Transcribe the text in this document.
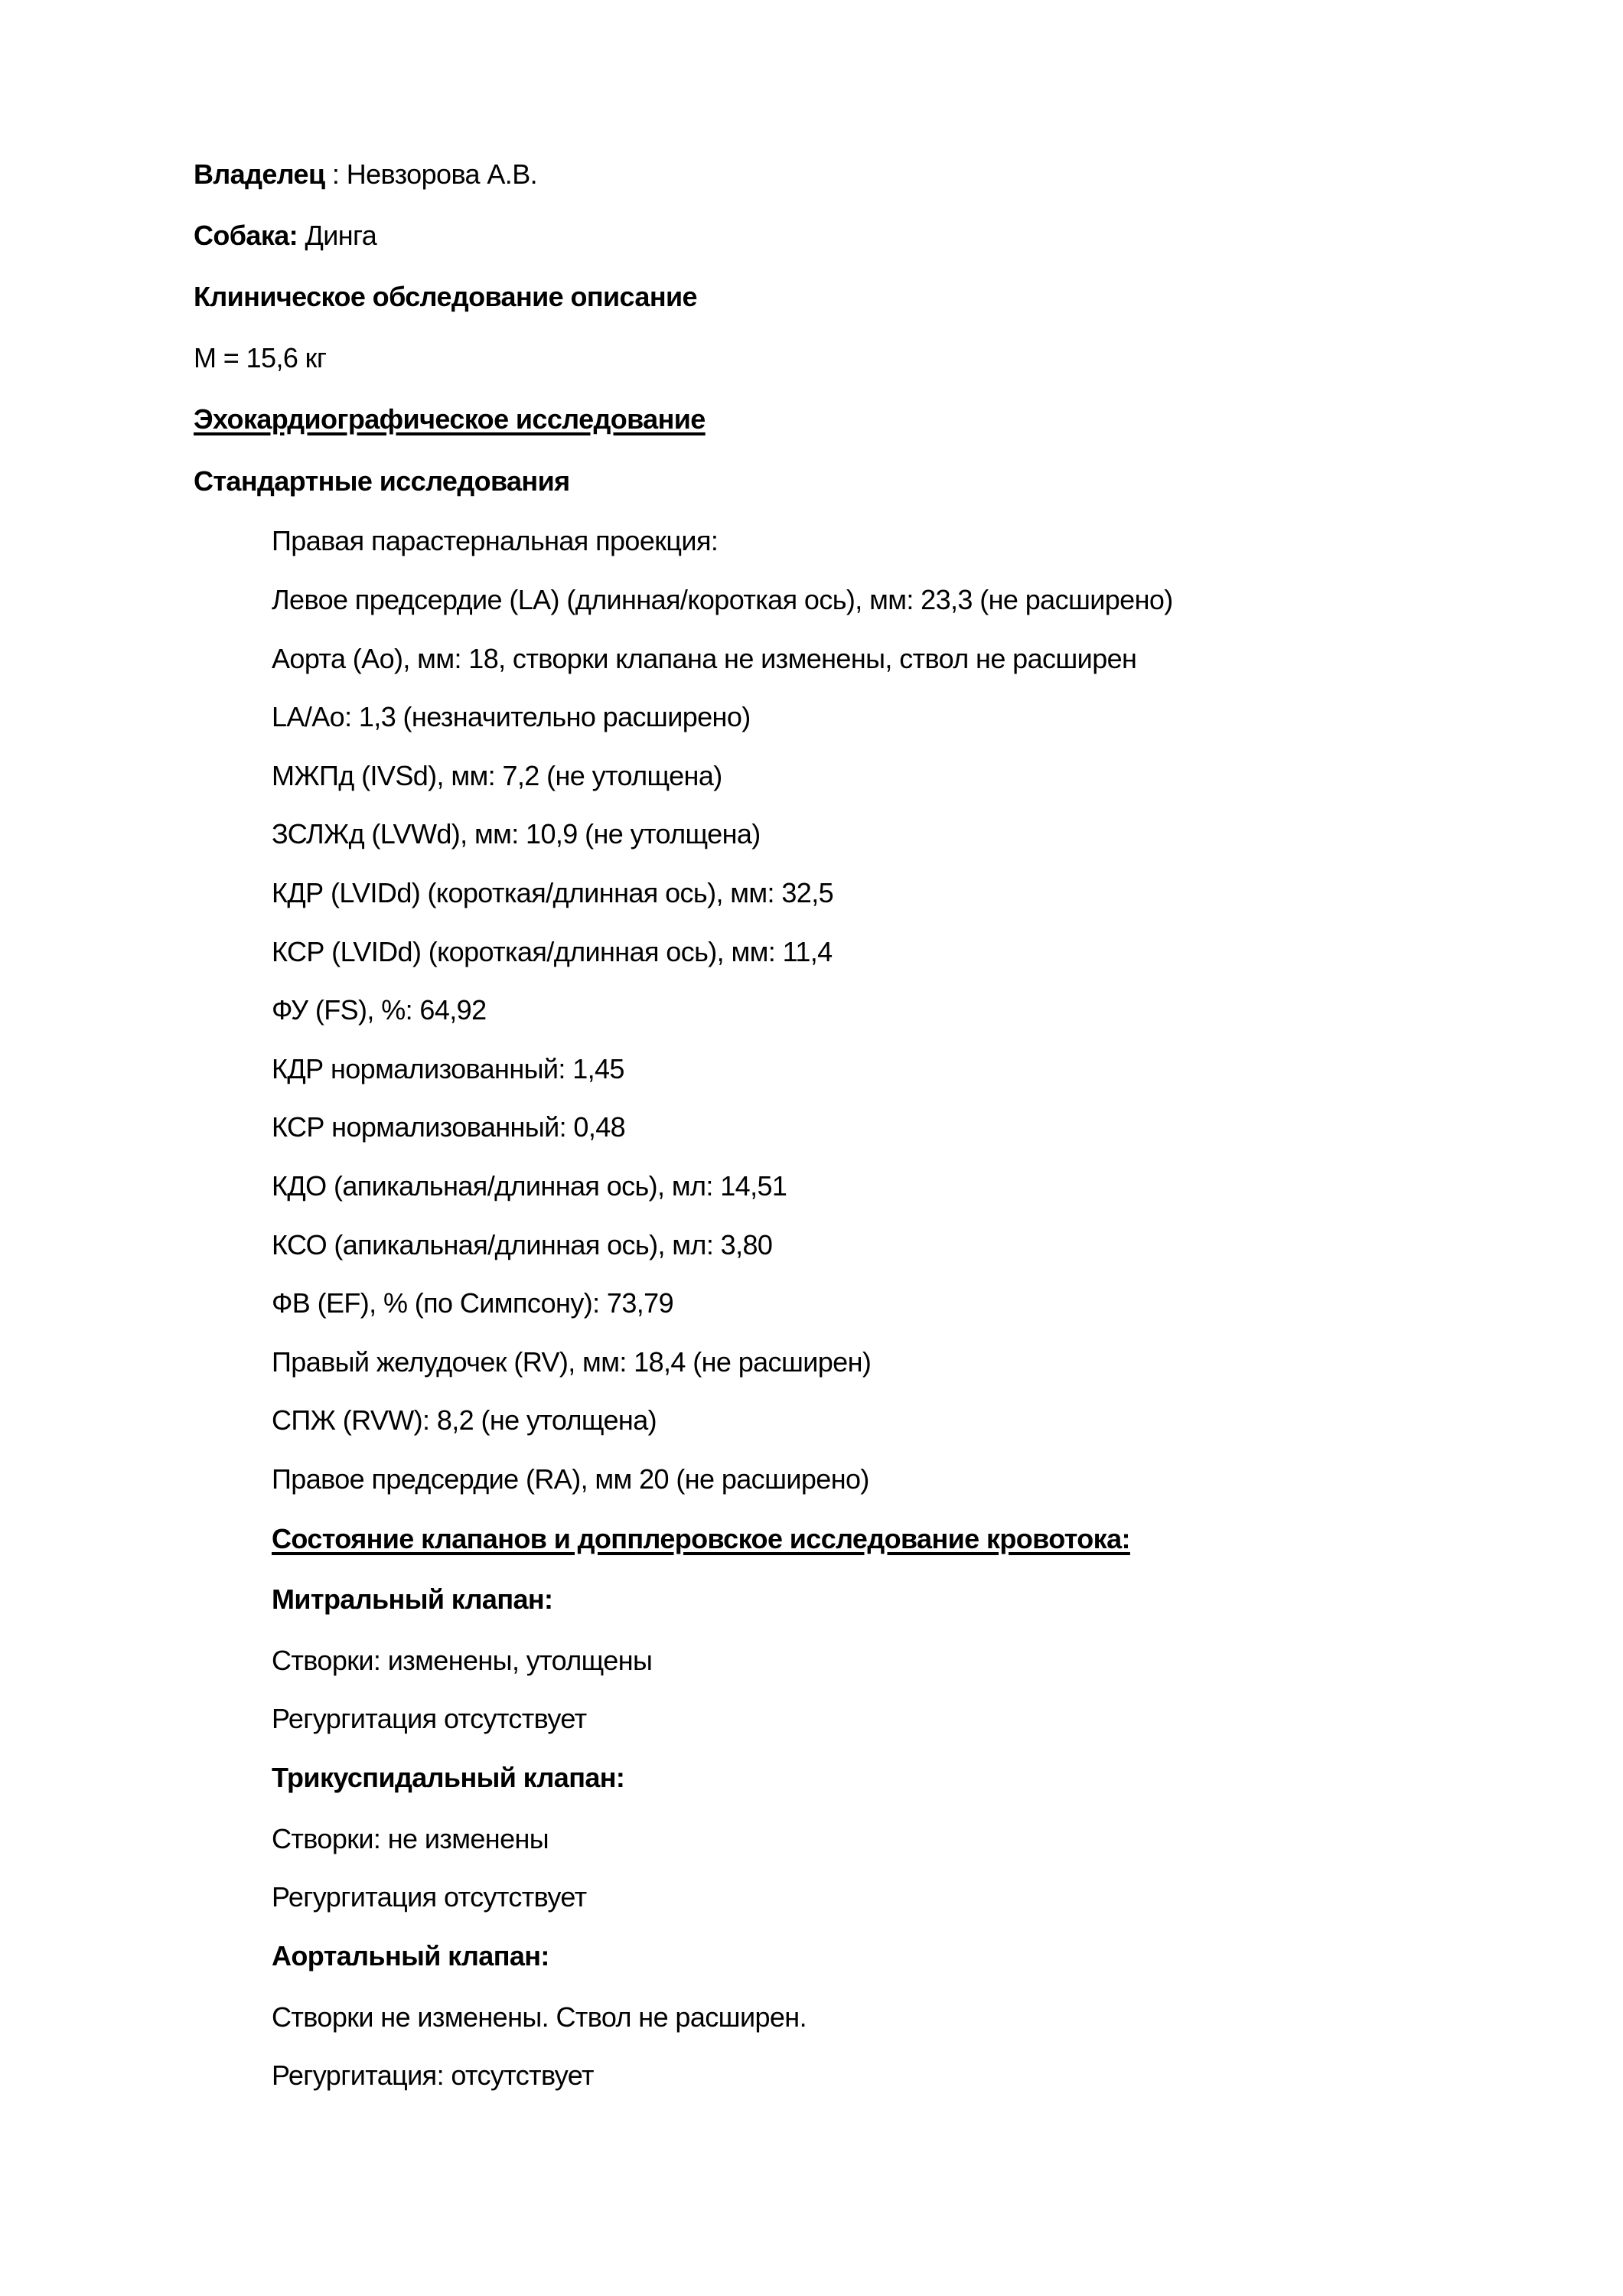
Владелец : Невзорова А.В.
Собака: Динга
Клиническое обследование описание
М = 15,6 кг
Эхокардиографическое исследование
Стандартные исследования
Правая парастернальная проекция:
Левое предсердие (LA) (длинная/короткая ось), мм: 23,3 (не расширено)
Аорта (Ао), мм: 18, створки клапана не изменены, ствол не расширен
LA/Ao: 1,3 (незначительно расширено)
МЖПд (IVSd), мм: 7,2 (не утолщена)
ЗСЛЖд (LVWd), мм: 10,9 (не утолщена)
КДР (LVIDd) (короткая/длинная ось), мм: 32,5
КСР (LVIDd) (короткая/длинная ось), мм: 11,4
ФУ (FS), %: 64,92
КДР нормализованный: 1,45
КСР нормализованный: 0,48
КДО (апикальная/длинная ось), мл: 14,51
КСО (апикальная/длинная ось), мл: 3,80
ФВ (EF), % (по Симпсону): 73,79
Правый желудочек (RV), мм: 18,4 (не расширен)
СПЖ (RVW): 8,2 (не утолщена)
Правое предсердие (RA), мм 20 (не расширено)
Состояние клапанов и допплеровское исследование кровотока:
Митральный клапан:
Створки: изменены, утолщены
Регургитация отсутствует
Трикуспидальный клапан:
Створки: не изменены
Регургитация отсутствует
Аортальный клапан:
Створки не изменены. Ствол не расширен.
Регургитация: отсутствует
